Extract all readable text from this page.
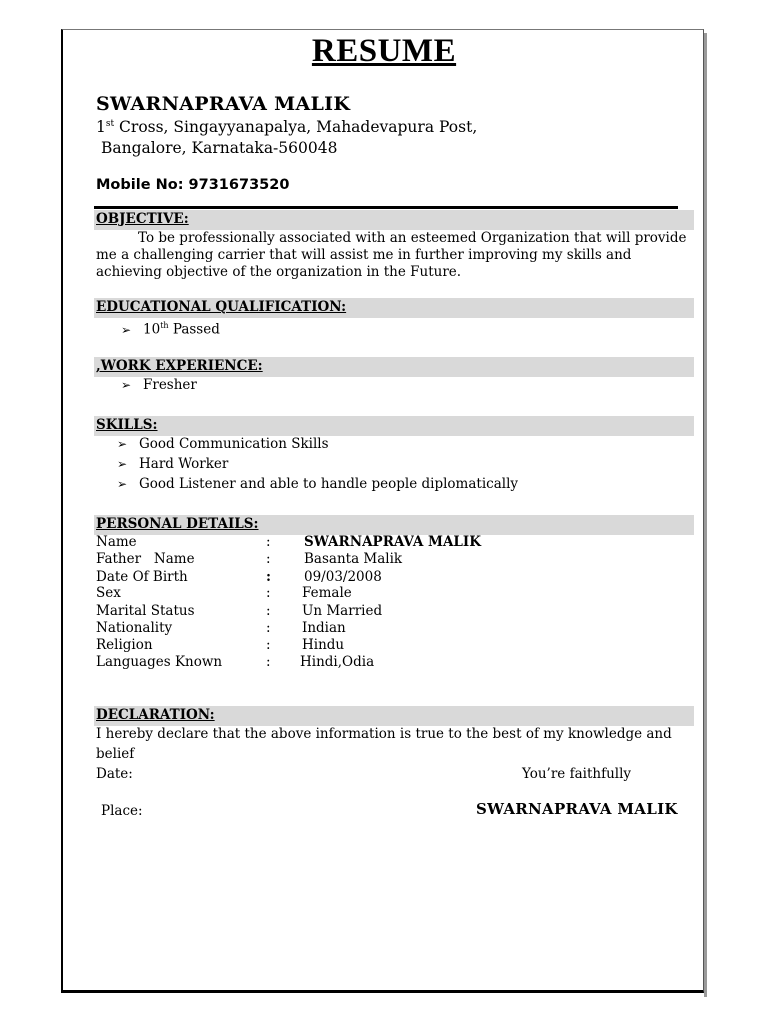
RESUME
SWARNAPRAVA MALIK
1st Cross, Singayyanapalya, Mahadevapura Post,
Bangalore, Karnataka-560048
Mobile No: 9731673520
OBJECTIVE:
To be professionally associated with an esteemed Organization that will provide me a challenging carrier that will assist me in further improving my skills and achieving objective of the organization in the Future.
EDUCATIONAL QUALIFICATION:
➢ 10th Passed
,WORK EXPERIENCE:
➢ Fresher
SKILLS:
➢ Good Communication Skills
➢ Hard Worker
➢ Good Listener and able to handle people diplomatically
PERSONAL DETAILS:
Name	: SWARNAPRAVA MALIK
Father   Name	: Basanta Malik
Date Of Birth	: 09/03/2008
Sex	: Female
Marital Status	: Un Married
Nationality	: Indian
Religion	: Hindu
Languages Known	: Hindi,Odia
DECLARATION:
I hereby declare that the above information is true to the best of my knowledge and
belief
Date:	You’re faithfully
Place:	SWARNAPRAVA MALIK
